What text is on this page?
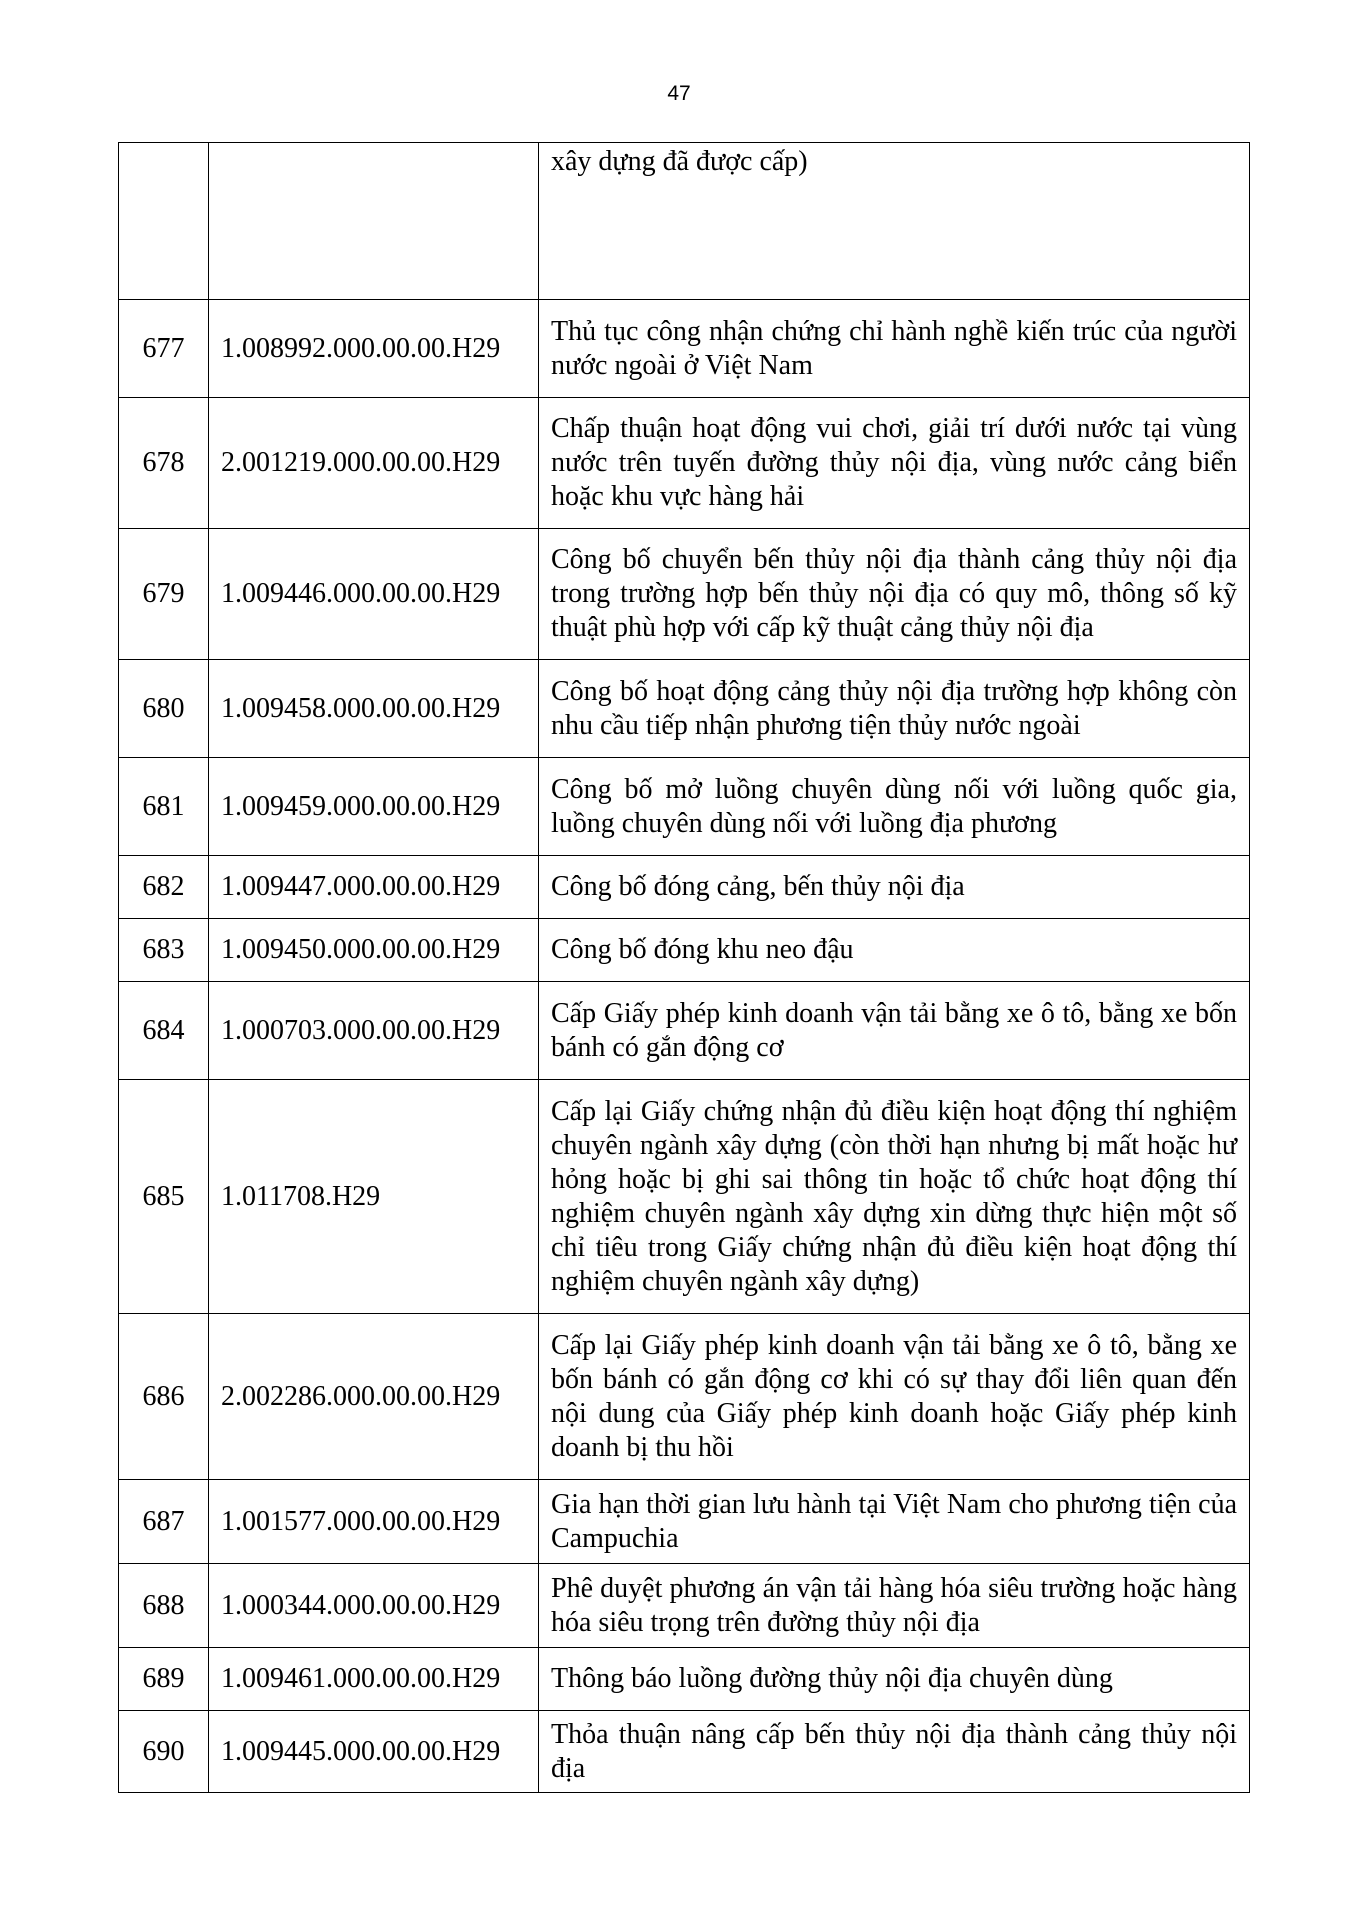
47
		xây dựng đã được cấp)
677	1.008992.000.00.00.H29	Thủ tục công nhận chứng chỉ hành nghề kiến trúc của người nước ngoài ở Việt Nam
678	2.001219.000.00.00.H29	Chấp thuận hoạt động vui chơi, giải trí dưới nước tại vùng nước trên tuyến đường thủy nội địa, vùng nước cảng biển hoặc khu vực hàng hải
679	1.009446.000.00.00.H29	Công bố chuyển bến thủy nội địa thành cảng thủy nội địa trong trường hợp bến thủy nội địa có quy mô, thông số kỹ thuật phù hợp với cấp kỹ thuật cảng thủy nội địa
680	1.009458.000.00.00.H29	Công bố hoạt động cảng thủy nội địa trường hợp không còn nhu cầu tiếp nhận phương tiện thủy nước ngoài
681	1.009459.000.00.00.H29	Công bố mở luồng chuyên dùng nối với luồng quốc gia, luồng chuyên dùng nối với luồng địa phương
682	1.009447.000.00.00.H29	Công bố đóng cảng, bến thủy nội địa
683	1.009450.000.00.00.H29	Công bố đóng khu neo đậu
684	1.000703.000.00.00.H29	Cấp Giấy phép kinh doanh vận tải bằng xe ô tô, bằng xe bốn bánh có gắn động cơ
685	1.011708.H29	Cấp lại Giấy chứng nhận đủ điều kiện hoạt động thí nghiệm chuyên ngành xây dựng (còn thời hạn nhưng bị mất hoặc hư hỏng hoặc bị ghi sai thông tin hoặc tổ chức hoạt động thí nghiệm chuyên ngành xây dựng xin dừng thực hiện một số chỉ tiêu trong Giấy chứng nhận đủ điều kiện hoạt động thí nghiệm chuyên ngành xây dựng)
686	2.002286.000.00.00.H29	Cấp lại Giấy phép kinh doanh vận tải bằng xe ô tô, bằng xe bốn bánh có gắn động cơ khi có sự thay đổi liên quan đến nội dung của Giấy phép kinh doanh hoặc Giấy phép kinh doanh bị thu hồi
687	1.001577.000.00.00.H29	Gia hạn thời gian lưu hành tại Việt Nam cho phương tiện của Campuchia
688	1.000344.000.00.00.H29	Phê duyệt phương án vận tải hàng hóa siêu trường hoặc hàng hóa siêu trọng trên đường thủy nội địa
689	1.009461.000.00.00.H29	Thông báo luồng đường thủy nội địa chuyên dùng
690	1.009445.000.00.00.H29	Thỏa thuận nâng cấp bến thủy nội địa thành cảng thủy nội địa
